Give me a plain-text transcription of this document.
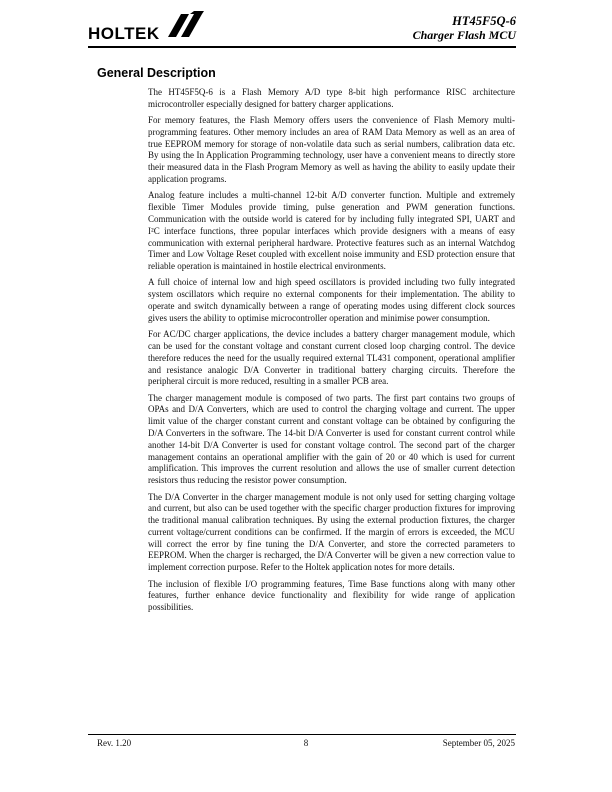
HOLTEK
HT45F5Q-6
Charger Flash MCU
General Description

The HT45F5Q-6 is a Flash Memory A/D type 8-bit high performance RISC architecture microcontroller especially designed for battery charger applications.

For memory features, the Flash Memory offers users the convenience of Flash Memory multi-programming features. Other memory includes an area of RAM Data Memory as well as an area of true EEPROM memory for storage of non-volatile data such as serial numbers, calibration data etc. By using the In Application Programming technology, user have a convenient means to directly store their measured data in the Flash Program Memory as well as having the ability to easily update their application programs.

Analog feature includes a multi-channel 12-bit A/D converter function. Multiple and extremely flexible Timer Modules provide timing, pulse generation and PWM generation functions. Communication with the outside world is catered for by including fully integrated SPI, UART and I²C interface functions, three popular interfaces which provide designers with a means of easy communication with external peripheral hardware. Protective features such as an internal Watchdog Timer and Low Voltage Reset coupled with excellent noise immunity and ESD protection ensure that reliable operation is maintained in hostile electrical environments.

A full choice of internal low and high speed oscillators is provided including two fully integrated system oscillators which require no external components for their implementation. The ability to operate and switch dynamically between a range of operating modes using different clock sources gives users the ability to optimise microcontroller operation and minimise power consumption.

For AC/DC charger applications, the device includes a battery charger management module, which can be used for the constant voltage and constant current closed loop charging control. The device therefore reduces the need for the usually required external TL431 component, operational amplifier and resistance analogic D/A Converter in traditional battery charging circuits. Therefore the peripheral circuit is more reduced, resulting in a smaller PCB area.

The charger management module is composed of two parts. The first part contains two groups of OPAs and D/A Converters, which are used to control the charging voltage and current. The upper limit value of the charger constant current and constant voltage can be obtained by configuring the D/A Converters in the software. The 14-bit D/A Converter is used for constant current control while another 14-bit D/A Converter is used for constant voltage control. The second part of the charger management contains an operational amplifier with the gain of 20 or 40 which is used for current amplification. This improves the current resolution and allows the use of smaller current detection resistors thus reducing the resistor power consumption.

The D/A Converter in the charger management module is not only used for setting charging voltage and current, but also can be used together with the specific charger production fixtures for improving the traditional manual calibration techniques. By using the external production fixtures, the charger current voltage/current conditions can be confirmed. If the margin of errors is exceeded, the MCU will correct the error by fine tuning the D/A Converter, and store the corrected parameters to EEPROM. When the charger is recharged, the D/A Converter will be given a new correction value to implement correction purpose. Refer to the Holtek application notes for more details.

The inclusion of flexible I/O programming features, Time Base functions along with many other features, further enhance device functionality and flexibility for wide range of application possibilities.

Rev. 1.20	8	September 05, 2025
